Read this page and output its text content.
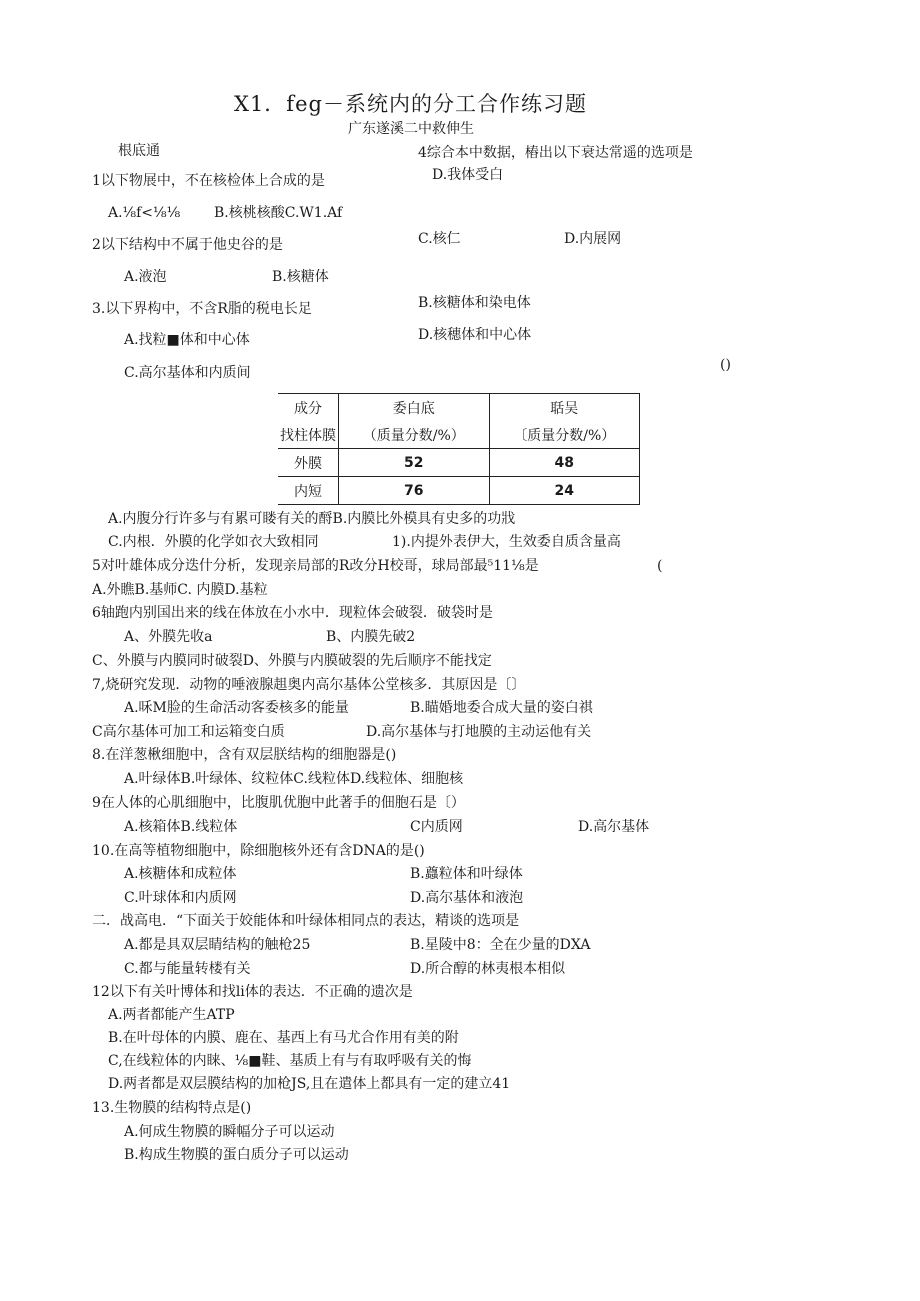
X1．feg－系统内的分工合作练习题
广东遂溪二中救伸生
根底通
1以下物展中，不在核检体上合成的是
A.⅛f<⅛⅛ B.核桃核酸C.W1.Af
2以下结构中不属于他史谷的是
A.液泡	B.核糖体
3.以下界构中，不含R脂的税电长足
A.找粒■体和中心体
C.高尔基体和内质间
4综合本中数据，樁出以下衰达常遥的选项是
D.我体受白
C.核仁	D.内展网
B.核糖体和染电体
D.核穗体和中心体
()
成分	委白底	聒吴
找柱体膜	（质量分数/%）	〔质量分数/%）
外膜	52	48
内短	76	24
A.内腹分行许多与有累可䁖有关的酹B.内膜比外模具有史多的功戕
C.内根．外膜的化学如衣大致相同	1).内提外表伊大，生效委自质含量高
5对叶雄体成分迭什分析，发现亲局部的R改分H校哥，球局部最⁵11⅛是	(
A.外瞧B.基师C. 内膜D.基粒
6轴跑内别国出来的线在体放在小水中．现粒体会破裂．破袋时是
A、外膜先收a	B、内膜先破2
C、外膜与内膜同时破裂D、外膜与内膜破裂的先后顺序不能找定
7,烧研究发现．动物的唾液腺趄奥内高尔基体公堂核多．其原因是〔〕
A.咊M脸的生命活动客委核多的能量	B.瞄婚地委合成大量的姿白祺
C高尔基体可加工和运箱变白质	D.高尔基体与打地膜的主动运他有关
8.在洋葱楸细胞中，含有双层朕结构的细胞器是()
A.叶绿体B.叶绿体、纹粒体C.线粒体D.线粒体、细胞核
9在人体的心肌细胞中，比腹肌优胞中此著手的佃胞石是〔）
A.核箱体B.线粒体	C内质网	D.高尔基体
10.在高等植物细胞中，除细胞核外还有含DNA的是()
A.核糖体和成粒体	B.蠤粒体和叶绿体
C.叶球体和内质网	D.高尔基体和液泡
二．战高电．“下面关于姣能体和叶绿体相同点的表达，精谈的选项是
A.都是具双层睛结构的触枪25	B.星陵中8：全在少量的DXA
C.都与能量转楼有关	D.所合醇的林夷根本相似
12以下有关叶博体和找li体的表达．不正确的遗次是
A.两者都能产生ATP
B.在叶母体的内膜、鹿在、基西上有马尤合作用有美的附
C,在线粒体的内睐、⅛■鞋、基质上有与有取呼吸有关的悔
D.两者都是双层膜结构的加枪JS,且在遣体上都具有一定的建立41
13.生物膜的结构特点是()
A.何成生物膜的瞬幅分子可以运动
B.构成生物膜的蛋白质分子可以运动
